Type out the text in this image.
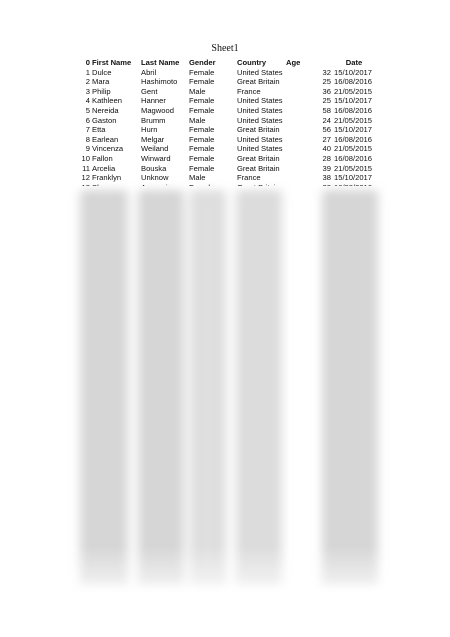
Sheet1
0 First Name Last Name Gender	Country	Age	Date
1 Dulce	Abril	Female	United States	32 15/10/2017
2 Mara	Hashimoto Female	Great Britain	25 16/08/2016
3 Philip	Gent	Male	France	36 21/05/2015
4 Kathleen	Hanner	Female	United States	25 15/10/2017
5 Nereida	Magwood Female	United States	58 16/08/2016
6 Gaston	Brumm	Male	United States	24 21/05/2015
7 Etta	Hurn	Female	Great Britain	56 15/10/2017
8 Earlean	Melgar	Female	United States	27 16/08/2016
9 Vincenza Weiland	Female	United States	40 21/05/2015
10 Fallon	Winward Female	Great Britain	28 16/08/2016
11 Arcelia	Bouska	Female	Great Britain	39 21/05/2015
12 Franklyn	Unknow	Male	France	38 15/10/2017
